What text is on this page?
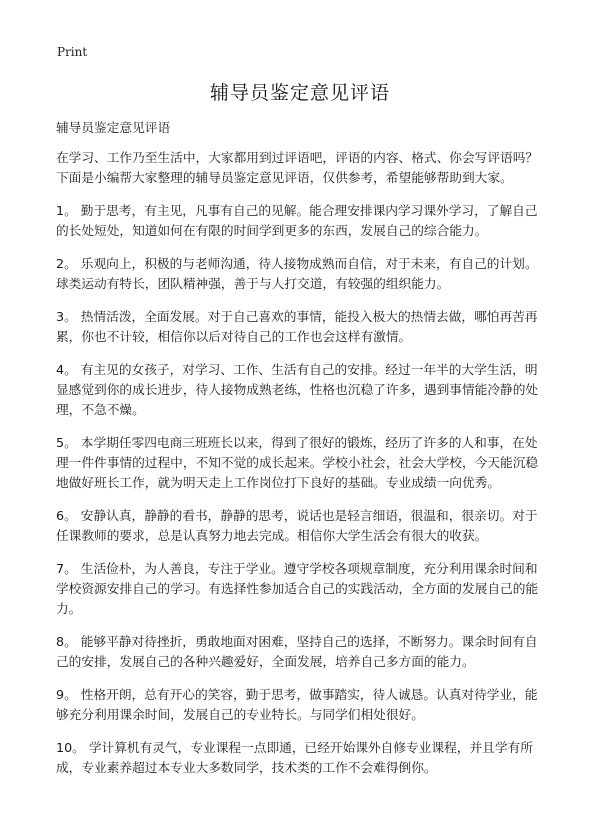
Print
辅导员鉴定意见评语

辅导员鉴定意见评语

在学习、工作乃至生活中，大家都用到过评语吧，评语的内容、格式、你会写评语吗？下面是小编帮大家整理的辅导员鉴定意见评语，仅供参考，希望能够帮助到大家。

1。 勤于思考，有主见，凡事有自己的见解。能合理安排课内学习课外学习，了解自己的长处短处，知道如何在有限的时间学到更多的东西，发展自己的综合能力。

2。 乐观向上，积极的与老师沟通，待人接物成熟而自信，对于未来，有自己的计划。球类运动有特长，团队精神强，善于与人打交道，有较强的组织能力。

3。 热情活泼，全面发展。对于自己喜欢的事情，能投入极大的热情去做，哪怕再苦再累，你也不计较，相信你以后对待自己的工作也会这样有激情。

4。 有主见的女孩子，对学习、工作、生活有自己的安排。经过一年半的大学生活，明显感觉到你的成长进步，待人接物成熟老练，性格也沉稳了许多，遇到事情能冷静的处理，不急不燥。

5。 本学期任零四电商三班班长以来，得到了很好的锻炼，经历了许多的人和事，在处理一件件事情的过程中，不知不觉的成长起来。学校小社会，社会大学校，今天能沉稳地做好班长工作，就为明天走上工作岗位打下良好的基础。专业成绩一向优秀。

6。 安静认真，静静的看书，静静的思考，说话也是轻言细语，很温和，很亲切。对于任课教师的要求，总是认真努力地去完成。相信你大学生活会有很大的收获。

7。 生活俭朴，为人善良，专注于学业。遵守学校各项规章制度，充分利用课余时间和学校资源安排自己的学习。有选择性参加适合自己的实践活动，全方面的发展自己的能力。

8。 能够平静对待挫折，勇敢地面对困难，坚持自己的选择，不断努力。课余时间有自己的安排，发展自己的各种兴趣爱好，全面发展，培养自己多方面的能力。

9。 性格开朗，总有开心的笑容，勤于思考，做事踏实，待人诚恳。认真对待学业，能够充分利用课余时间，发展自己的专业特长。与同学们相处很好。

10。 学计算机有灵气，专业课程一点即通，已经开始课外自修专业课程，并且学有所成，专业素养超过本专业大多数同学，技术类的工作不会难得倒你。
